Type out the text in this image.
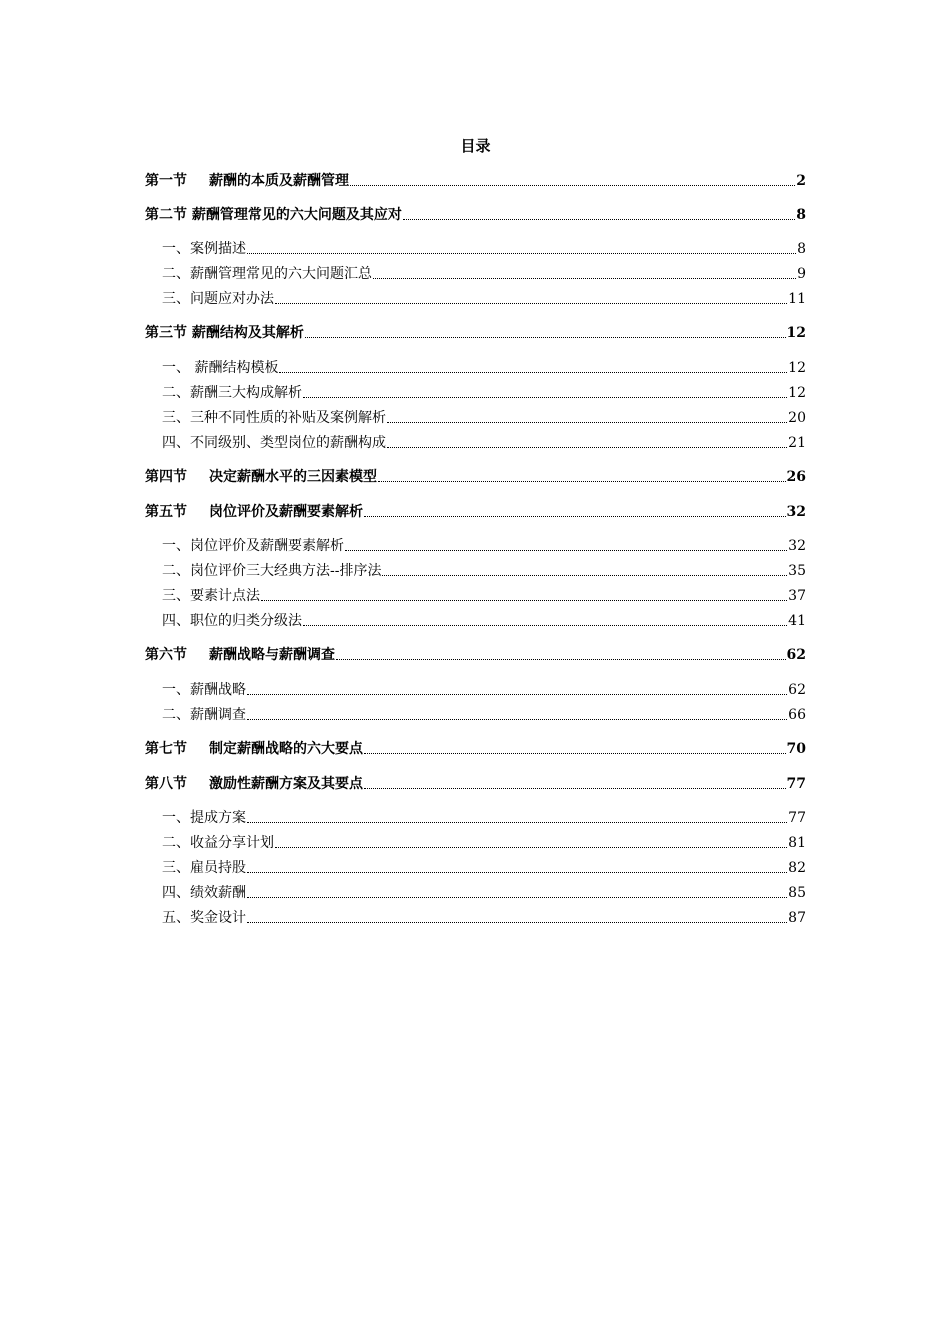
目录
第一节 薪酬的本质及薪酬管理	2
第二节 薪酬管理常见的六大问题及其应对	8
一、案例描述	8
二、薪酬管理常见的六大问题汇总	9
三、问题应对办法	11
第三节 薪酬结构及其解析	12
一、 薪酬结构模板	12
二、薪酬三大构成解析	12
三、三种不同性质的补贴及案例解析	20
四、不同级别、类型岗位的薪酬构成	21
第四节 决定薪酬水平的三因素模型	26
第五节 岗位评价及薪酬要素解析	32
一、岗位评价及薪酬要素解析	32
二、岗位评价三大经典方法--排序法	35
三、要素计点法	37
四、职位的归类分级法	41
第六节 薪酬战略与薪酬调查	62
一、薪酬战略	62
二、薪酬调查	66
第七节 制定薪酬战略的六大要点	70
第八节 激励性薪酬方案及其要点	77
一、提成方案	77
二、收益分享计划	81
三、雇员持股	82
四、绩效薪酬	85
五、奖金设计	87
